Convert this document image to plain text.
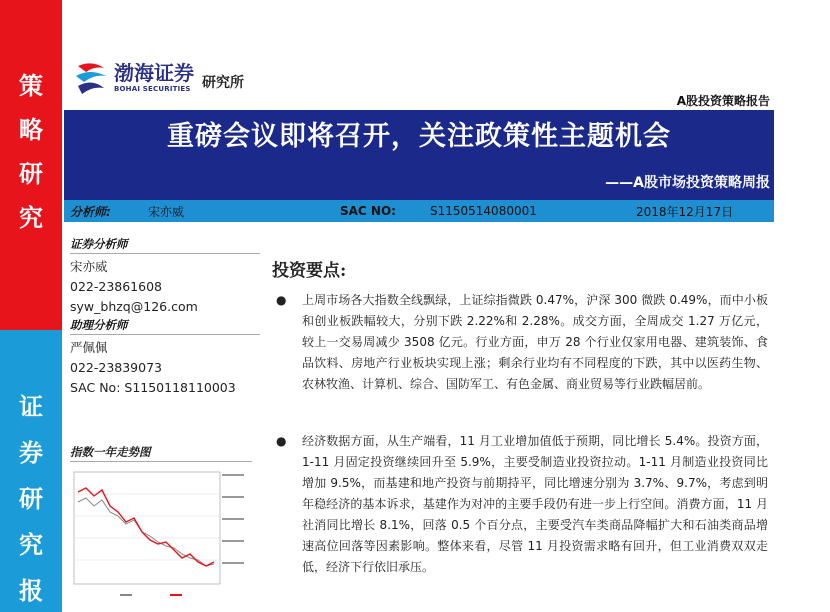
策
略
研
究
证
券
研
究
报
渤海证券
BOHAI SECURITIES 研究所
A股投资策略报告
重磅会议即将召开，关注政策性主题机会
——A股市场投资策略周报
分析师:	宋亦威	SAC NO:	S1150514080001	2018年12月17日
证券分析师
宋亦威
022-23861608
syw_bhzq@126.com
助理分析师
严佩佩
022-23839073
SAC No: S1150118110003
指数一年走势图
投资要点:
● 上周市场各大指数全线飘绿，上证综指微跌 0.47%，沪深 300 微跌 0.49%，而中小板和创业板跌幅较大，分别下跌 2.22%和 2.28%。成交方面，全周成交 1.27 万亿元，较上一交易周减少 3508 亿元。行业方面，申万 28 个行业仅家用电器、建筑装饰、食品饮料、房地产行业板块实现上涨；剩余行业均有不同程度的下跌，其中以医药生物、农林牧渔、计算机、综合、国防军工、有色金属、商业贸易等行业跌幅居前。
● 经济数据方面，从生产端看，11 月工业增加值低于预期，同比增长 5.4%。投资方面，1-11 月固定投资继续回升至 5.9%，主要受制造业投资拉动。1-11 月制造业投资同比增加 9.5%，而基建和地产投资与前期持平，同比增速分别为 3.7%、9.7%，考虑到明年稳经济的基本诉求，基建作为对冲的主要手段仍有进一步上行空间。消费方面，11 月社消同比增长 8.1%，回落 0.5 个百分点，主要受汽车类商品降幅扩大和石油类商品增速高位回落等因素影响。整体来看，尽管 11 月投资需求略有回升，但工业消费双双走低，经济下行依旧承压。
